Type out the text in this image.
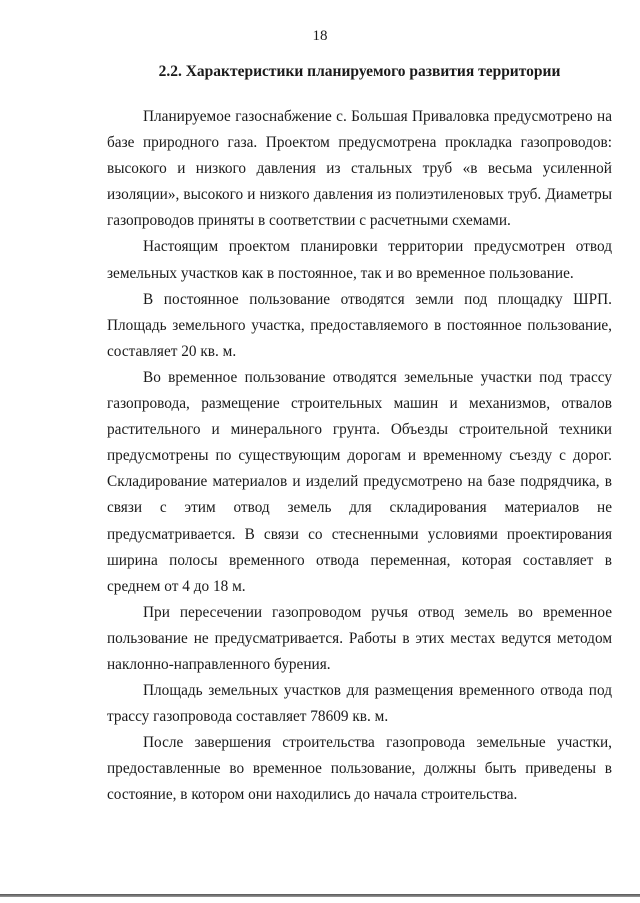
18
2.2. Характеристики планируемого развития территории
Планируемое газоснабжение с. Большая Приваловка предусмотрено на
базе природного газа. Проектом предусмотрена прокладка газопроводов:
высокого и низкого давления из стальных труб «в весьма усиленной
изоляции», высокого и низкого давления из полиэтиленовых труб. Диаметры
газопроводов приняты в соответствии с расчетными схемами.
Настоящим проектом планировки территории предусмотрен отвод
земельных участков как в постоянное, так и во временное пользование.
В постоянное пользование отводятся земли под площадку ШРП.
Площадь земельного участка, предоставляемого в постоянное пользование,
составляет 20 кв. м.
Во временное пользование отводятся земельные участки под трассу
газопровода, размещение строительных машин и механизмов, отвалов
растительного и минерального грунта. Объезды строительной техники
предусмотрены по существующим дорогам и временному съезду с дорог.
Складирование материалов и изделий предусмотрено на базе подрядчика, в
связи с этим отвод земель для складирования материалов не
предусматривается. В связи со стесненными условиями проектирования
ширина полосы временного отвода переменная, которая составляет в
среднем от 4 до 18 м.
При пересечении газопроводом ручья отвод земель во временное
пользование не предусматривается. Работы в этих местах ведутся методом
наклонно-направленного бурения.
Площадь земельных участков для размещения временного отвода под
трассу газопровода составляет 78609 кв. м.
После завершения строительства газопровода земельные участки,
предоставленные во временное пользование, должны быть приведены в
состояние, в котором они находились до начала строительства.
